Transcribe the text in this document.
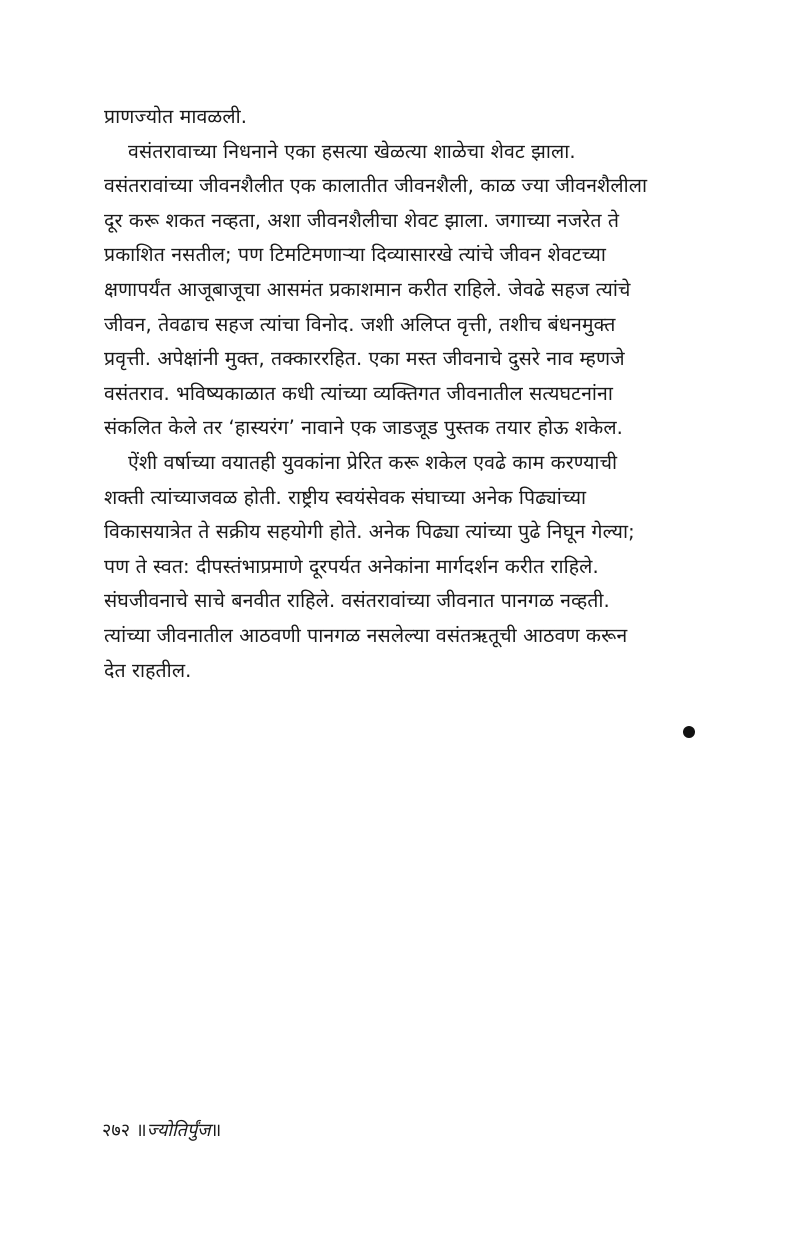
प्राणज्योत मावळली.
वसंतरावाच्या निधनाने एका हसत्या खेळत्या शाळेचा शेवट झाला.
वसंतरावांच्या जीवनशैलीत एक कालातीत जीवनशैली, काळ ज्या जीवनशैलीला
दूर करू शकत नव्हता, अशा जीवनशैलीचा शेवट झाला. जगाच्या नजरेत ते
प्रकाशित नसतील; पण टिमटिमणाऱ्या दिव्यासारखे त्यांचे जीवन शेवटच्या
क्षणापर्यंत आजूबाजूचा आसमंत प्रकाशमान करीत राहिले. जेवढे सहज त्यांचे
जीवन, तेवढाच सहज त्यांचा विनोद. जशी अलिप्त वृत्ती, तशीच बंधनमुक्त
प्रवृत्ती. अपेक्षांनी मुक्त, तक्काररहित. एका मस्त जीवनाचे दुसरे नाव म्हणजे
वसंतराव. भविष्यकाळात कधी त्यांच्या व्यक्तिगत जीवनातील सत्यघटनांना
संकलित केले तर ‘हास्यरंग’ नावाने एक जाडजूड पुस्तक तयार होऊ शकेल.
ऐंशी वर्षाच्या वयातही युवकांना प्रेरित करू शकेल एवढे काम करण्याची
शक्ती त्यांच्याजवळ होती. राष्ट्रीय स्वयंसेवक संघाच्या अनेक पिढ्यांच्या
विकासयात्रेत ते सक्रीय सहयोगी होते. अनेक पिढ्या त्यांच्या पुढे निघून गेल्या;
पण ते स्वत: दीपस्तंभाप्रमाणे दूरपर्यत अनेकांना मार्गदर्शन करीत राहिले.
संघजीवनाचे साचे बनवीत राहिले. वसंतरावांच्या जीवनात पानगळ नव्हती.
त्यांच्या जीवनातील आठवणी पानगळ नसलेल्या वसंतऋतूची आठवण करून
देत राहतील.
२७२ ॥ज्योतिर्पुंज॥
